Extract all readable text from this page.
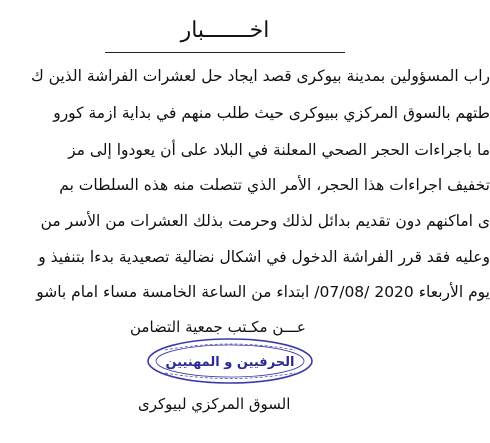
اخـــــــبار
راب المسؤولين بمدينة بيوكرى قصد ايجاد حل لعشرات الفراشة الذين ك
طتهم بالسوق المركزي ببيوكرى حيث طلب منهم في بداية ازمة كورو
ما باجراءات الحجر الصحي المعلنة في البلاد على أن يعودوا إلى مز
تخفيف اجراءات هذا الحجر، الأمر الذي تتصلت منه هذه السلطات بم
ى اماكنهم دون تقديم بدائل لذلك وحرمت بذلك العشرات من الأسر من
وعليه فقد قرر الفراشة الدخول في اشكال نضالية تصعيدية بدءا بتنفيذ و
يوم الأربعاء 2020 /07/08/ ابتداء من الساعة الخامسة مساء امام باشو
عـــن مكـتب جمعية التضامن
الحرفيين و المهنيين
السوق المركزي لبيوكرى
